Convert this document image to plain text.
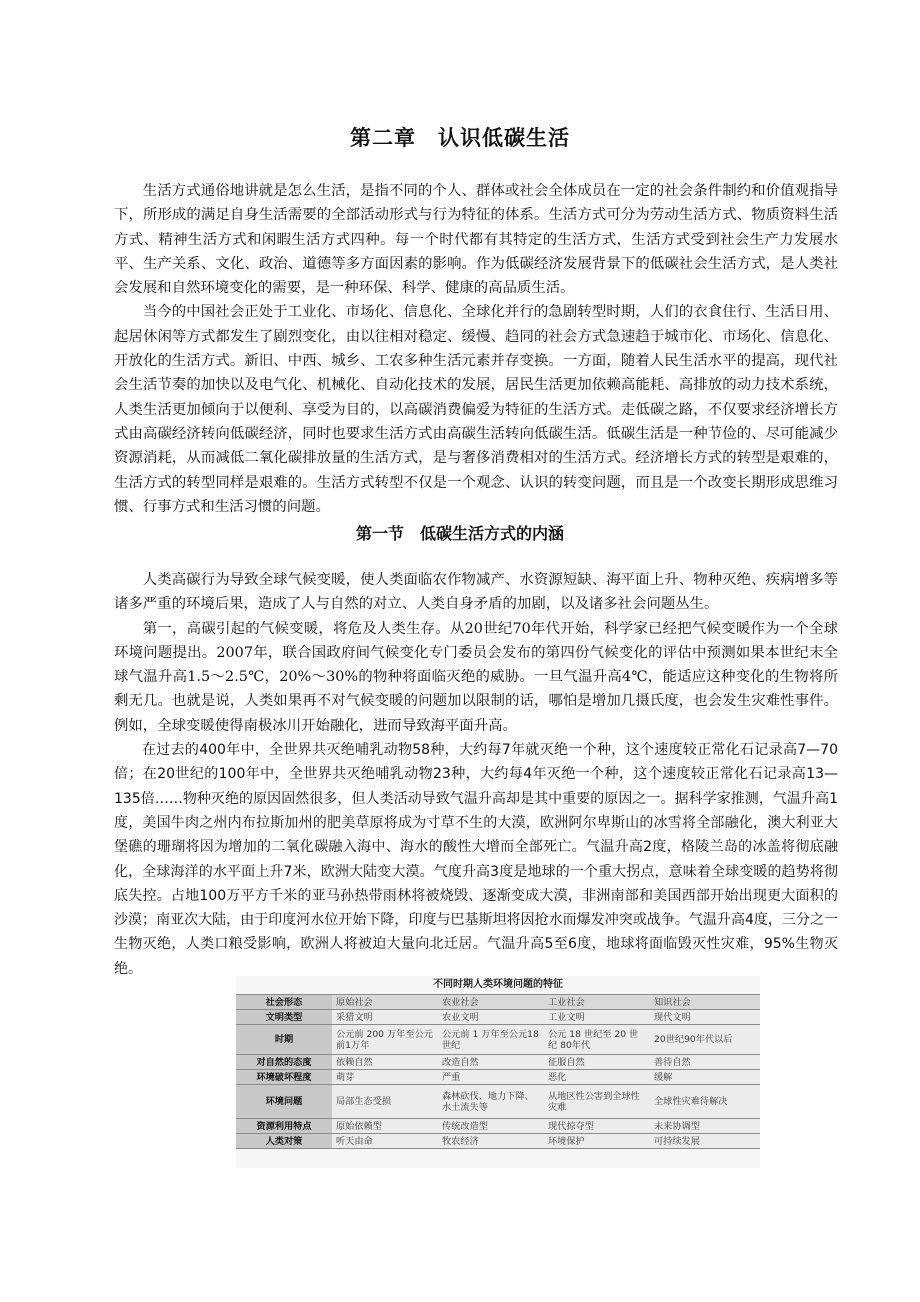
第二章　认识低碳生活

生活方式通俗地讲就是怎么生活，是指不同的个人、群体或社会全体成员在一定的社会条件制约和价值观指导下，所形成的满足自身生活需要的全部活动形式与行为特征的体系。生活方式可分为劳动生活方式、物质资料生活方式、精神生活方式和闲暇生活方式四种。每一个时代都有其特定的生活方式，生活方式受到社会生产力发展水平、生产关系、文化、政治、道德等多方面因素的影响。作为低碳经济发展背景下的低碳社会生活方式，是人类社会发展和自然环境变化的需要，是一种环保、科学、健康的高品质生活。

当今的中国社会正处于工业化、市场化、信息化、全球化并行的急剧转型时期，人们的衣食住行、生活日用、起居休闲等方式都发生了剧烈变化，由以往相对稳定、缓慢、趋同的社会方式急速趋于城市化、市场化、信息化、开放化的生活方式。新旧、中西、城乡、工农多种生活元素并存变换。一方面，随着人民生活水平的提高，现代社会生活节奏的加快以及电气化、机械化、自动化技术的发展，居民生活更加依赖高能耗、高排放的动力技术系统，人类生活更加倾向于以便利、享受为目的，以高碳消费偏爱为特征的生活方式。走低碳之路，不仅要求经济增长方式由高碳经济转向低碳经济，同时也要求生活方式由高碳生活转向低碳生活。低碳生活是一种节俭的、尽可能减少资源消耗，从而减低二氧化碳排放量的生活方式，是与奢侈消费相对的生活方式。经济增长方式的转型是艰难的，生活方式的转型同样是艰难的。生活方式转型不仅是一个观念、认识的转变问题，而且是一个改变长期形成思维习惯、行事方式和生活习惯的问题。

第一节　低碳生活方式的内涵

人类高碳行为导致全球气候变暖，使人类面临农作物减产、水资源短缺、海平面上升、物种灭绝、疾病增多等诸多严重的环境后果，造成了人与自然的对立、人类自身矛盾的加剧，以及诸多社会问题丛生。

第一，高碳引起的气候变暖，将危及人类生存。从20世纪70年代开始，科学家已经把气候变暖作为一个全球环境问题提出。2007年，联合国政府间气候变化专门委员会发布的第四份气候变化的评估中预测如果本世纪末全球气温升高1.5～2.5℃，20%～30%的物种将面临灭绝的威胁。一旦气温升高4℃，能适应这种变化的生物将所剩无几。也就是说，人类如果再不对气候变暖的问题加以限制的话，哪怕是增加几摄氏度，也会发生灾难性事件。例如，全球变暖使得南极冰川开始融化，进而导致海平面升高。

在过去的400年中，全世界共灭绝哺乳动物58种，大约每7年就灭绝一个种，这个速度较正常化石记录高7—70倍；在20世纪的100年中，全世界共灭绝哺乳动物23种，大约每4年灭绝一个种，这个速度较正常化石记录高13—135倍……物种灭绝的原因固然很多，但人类活动导致气温升高却是其中重要的原因之一。据科学家推测，气温升高1度，美国牛肉之州内布拉斯加州的肥美草原将成为寸草不生的大漠，欧洲阿尔卑斯山的冰雪将全部融化，澳大利亚大堡礁的珊瑚将因为增加的二氧化碳融入海中、海水的酸性大增而全部死亡。气温升高2度，格陵兰岛的冰盖将彻底融化，全球海洋的水平面上升7米，欧洲大陆变大漠。气度升高3度是地球的一个重大拐点，意味着全球变暖的趋势将彻底失控。占地100万平方千米的亚马孙热带雨林将被烧毁、逐渐变成大漠，非洲南部和美国西部开始出现更大面积的沙漠；南亚次大陆，由于印度河水位开始下降，印度与巴基斯坦将因抢水而爆发冲突或战争。气温升高4度，三分之一生物灭绝，人类口粮受影响，欧洲人将被迫大量向北迁居。气温升高5至6度，地球将面临毁灭性灾难，95%生物灭绝。

不同时期人类环境问题的特征
社会形态	原始社会	农业社会	工业社会	知识社会
文明类型	采猎文明	农业文明	工业文明	现代文明
时期	公元前 200 万年至公元前1万年	公元前 1 万年至公元18世纪	公元 18 世纪至 20 世纪 80年代	20世纪90年代以后
对自然的态度	依赖自然	改造自然	征服自然	善待自然
环境破坏程度	萌芽	严重	恶化	缓解
环境问题	局部生态受损	森林砍伐、地力下降、水土流失等	从地区性公害到全球性灾难	全球性灾难待解决
资源利用特点	原始依赖型	传统改造型	现代掠夺型	未来协调型
人类对策	听天由命	牧农经济	环境保护	可持续发展
